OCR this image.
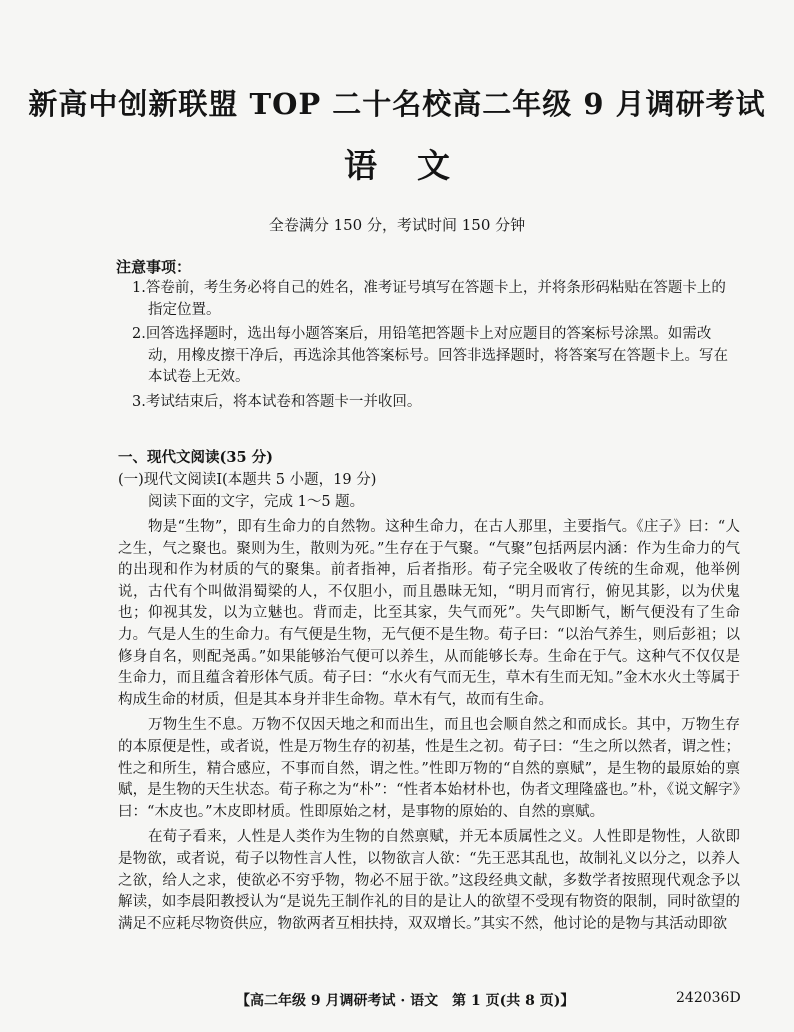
新高中创新联盟 TOP 二十名校高二年级 9 月调研考试
语文
全卷满分 150 分，考试时间 150 分钟
注意事项：
1.答卷前，考生务必将自己的姓名，准考证号填写在答题卡上，并将条形码粘贴在答题卡上的指定位置。
2.回答选择题时，选出每小题答案后，用铅笔把答题卡上对应题目的答案标号涂黑。如需改动，用橡皮擦干净后，再选涂其他答案标号。回答非选择题时，将答案写在答题卡上。写在本试卷上无效。
3.考试结束后，将本试卷和答题卡一并收回。
一、现代文阅读(35 分)
(一)现代文阅读Ⅰ(本题共 5 小题，19 分)
阅读下面的文字，完成 1～5 题。

物是“生物”，即有生命力的自然物。这种生命力，在古人那里，主要指气。《庄子》曰：“人之生，气之聚也。聚则为生，散则为死。”生存在于气聚。“气聚”包括两层内涵：作为生命力的气的出现和作为材质的气的聚集。前者指神，后者指形。荀子完全吸收了传统的生命观，他举例说，古代有个叫做涓蜀梁的人，不仅胆小，而且愚昧无知，“明月而宵行，俯见其影，以为伏鬼也；仰视其发，以为立魅也。背而走，比至其家，失气而死”。失气即断气，断气便没有了生命力。气是人生的生命力。有气便是生物，无气便不是生物。荀子曰：“以治气养生，则后彭祖；以修身自名，则配尧禹。”如果能够治气便可以养生，从而能够长寿。生命在于气。这种气不仅仅是生命力，而且蕴含着形体气质。荀子曰：“水火有气而无生，草木有生而无知。”金木水火土等属于构成生命的材质，但是其本身并非生命物。草木有气，故而有生命。

万物生生不息。万物不仅因天地之和而出生，而且也会顺自然之和而成长。其中，万物生存的本原便是性，或者说，性是万物生存的初基，性是生之初。荀子曰：“生之所以然者，谓之性；性之和所生，精合感应，不事而自然，谓之性。”性即万物的“自然的禀赋”，是生物的最原始的禀赋，是生物的天生状态。荀子称之为“朴”：“性者本始材朴也，伪者文理隆盛也。”朴，《说文解字》曰：“木皮也。”木皮即材质。性即原始之材，是事物的原始的、自然的禀赋。

在荀子看来，人性是人类作为生物的自然禀赋，并无本质属性之义。人性即是物性，人欲即是物欲，或者说，荀子以物性言人性，以物欲言人欲：“先王恶其乱也，故制礼义以分之，以养人之欲，给人之求，使欲必不穷乎物，物必不屈于欲。”这段经典文献，多数学者按照现代观念予以解读，如李晨阳教授认为“是说先王制作礼的目的是让人的欲望不受现有物资的限制，同时欲望的满足不应耗尽物资供应，物欲两者互相扶持，双双增长。”其实不然，他讨论的是物与其活动即欲

【高二年级 9 月调研考试 · 语文　第 1 页(共 8 页)】	242036D
